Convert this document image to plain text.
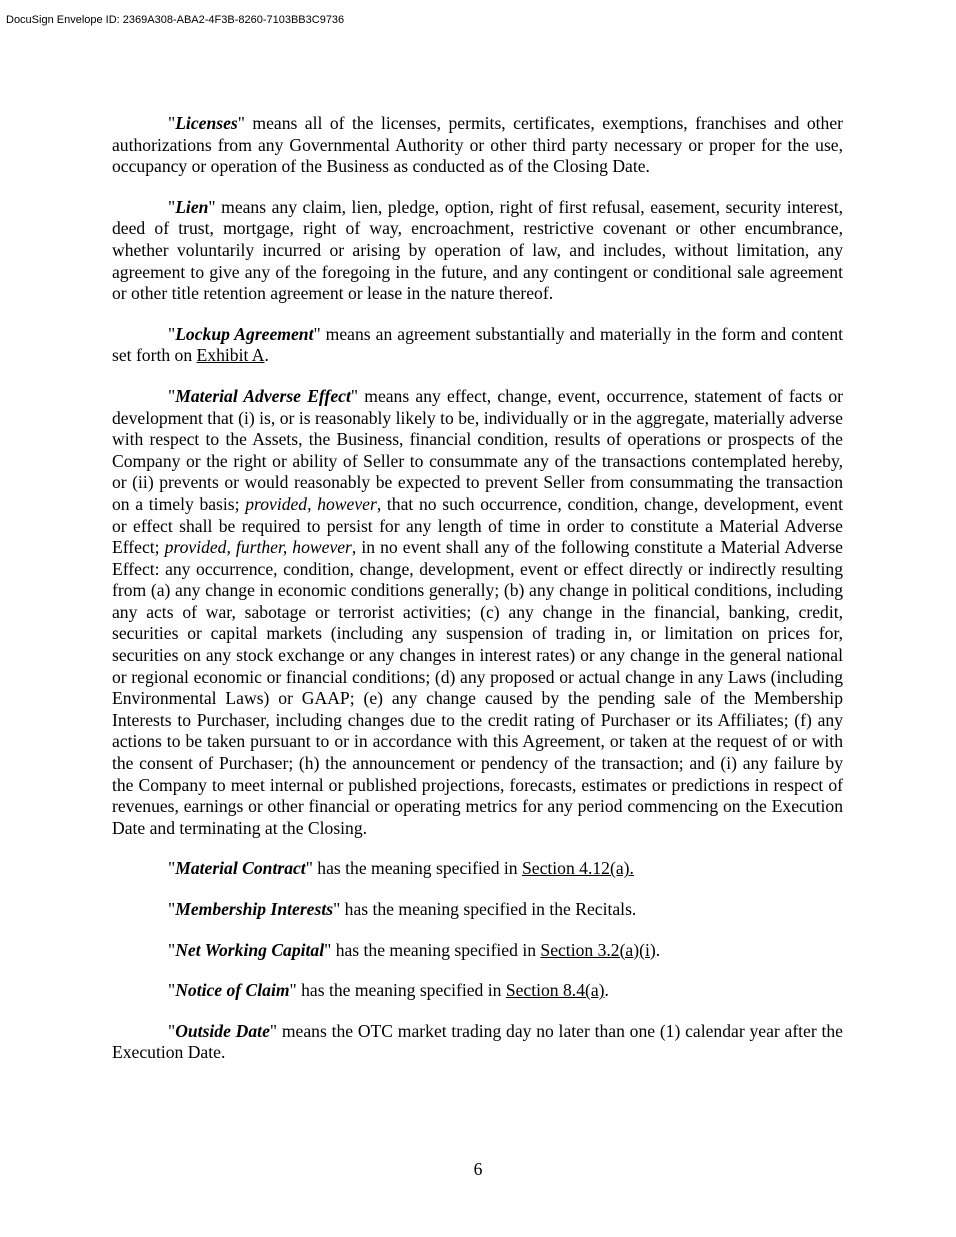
DocuSign Envelope ID: 2369A308-ABA2-4F3B-8260-7103BB3C9736

"Licenses" means all of the licenses, permits, certificates, exemptions, franchises and other authorizations from any Governmental Authority or other third party necessary or proper for the use, occupancy or operation of the Business as conducted as of the Closing Date.

"Lien" means any claim, lien, pledge, option, right of first refusal, easement, security interest, deed of trust, mortgage, right of way, encroachment, restrictive covenant or other encumbrance, whether voluntarily incurred or arising by operation of law, and includes, without limitation, any agreement to give any of the foregoing in the future, and any contingent or conditional sale agreement or other title retention agreement or lease in the nature thereof.

"Lockup Agreement" means an agreement substantially and materially in the form and content set forth on Exhibit A.

"Material Adverse Effect" means any effect, change, event, occurrence, statement of facts or development that (i) is, or is reasonably likely to be, individually or in the aggregate, materially adverse with respect to the Assets, the Business, financial condition, results of operations or prospects of the Company or the right or ability of Seller to consummate any of the transactions contemplated hereby, or (ii) prevents or would reasonably be expected to prevent Seller from consummating the transaction on a timely basis; provided, however, that no such occurrence, condition, change, development, event or effect shall be required to persist for any length of time in order to constitute a Material Adverse Effect; provided, further, however, in no event shall any of the following constitute a Material Adverse Effect: any occurrence, condition, change, development, event or effect directly or indirectly resulting from (a) any change in economic conditions generally; (b) any change in political conditions, including any acts of war, sabotage or terrorist activities; (c) any change in the financial, banking, credit, securities or capital markets (including any suspension of trading in, or limitation on prices for, securities on any stock exchange or any changes in interest rates) or any change in the general national or regional economic or financial conditions; (d) any proposed or actual change in any Laws (including Environmental Laws) or GAAP; (e) any change caused by the pending sale of the Membership Interests to Purchaser, including changes due to the credit rating of Purchaser or its Affiliates; (f) any actions to be taken pursuant to or in accordance with this Agreement, or taken at the request of or with the consent of Purchaser; (h) the announcement or pendency of the transaction; and (i) any failure by the Company to meet internal or published projections, forecasts, estimates or predictions in respect of revenues, earnings or other financial or operating metrics for any period commencing on the Execution Date and terminating at the Closing.

"Material Contract" has the meaning specified in Section 4.12(a).

"Membership Interests" has the meaning specified in the Recitals.

"Net Working Capital" has the meaning specified in Section 3.2(a)(i).

"Notice of Claim" has the meaning specified in Section 8.4(a).

"Outside Date" means the OTC market trading day no later than one (1) calendar year after the Execution Date.

6
